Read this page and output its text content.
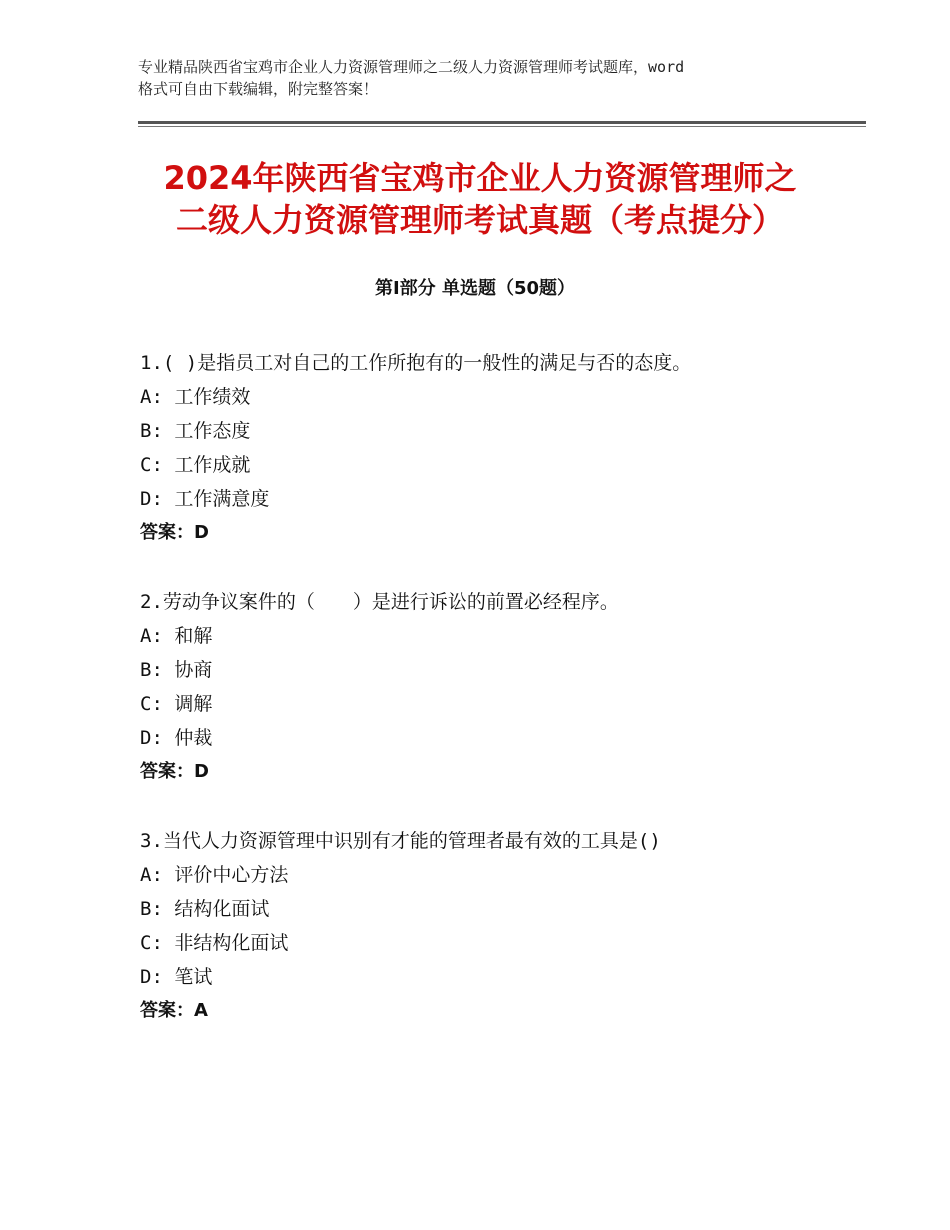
专业精品陕西省宝鸡市企业人力资源管理师之二级人力资源管理师考试题库，word
格式可自由下载编辑，附完整答案！
2024年陕西省宝鸡市企业人力资源管理师之
二级人力资源管理师考试真题（考点提分）
第Ⅰ部分 单选题（50题）
1.( )是指员工对自己的工作所抱有的一般性的满足与否的态度。
A: 工作绩效
B: 工作态度
C: 工作成就
D: 工作满意度
答案：D
2.劳动争议案件的（　　）是进行诉讼的前置必经程序。
A: 和解
B: 协商
C: 调解
D: 仲裁
答案：D
3.当代人力资源管理中识别有才能的管理者最有效的工具是()
A: 评价中心方法
B: 结构化面试
C: 非结构化面试
D: 笔试
答案：A
